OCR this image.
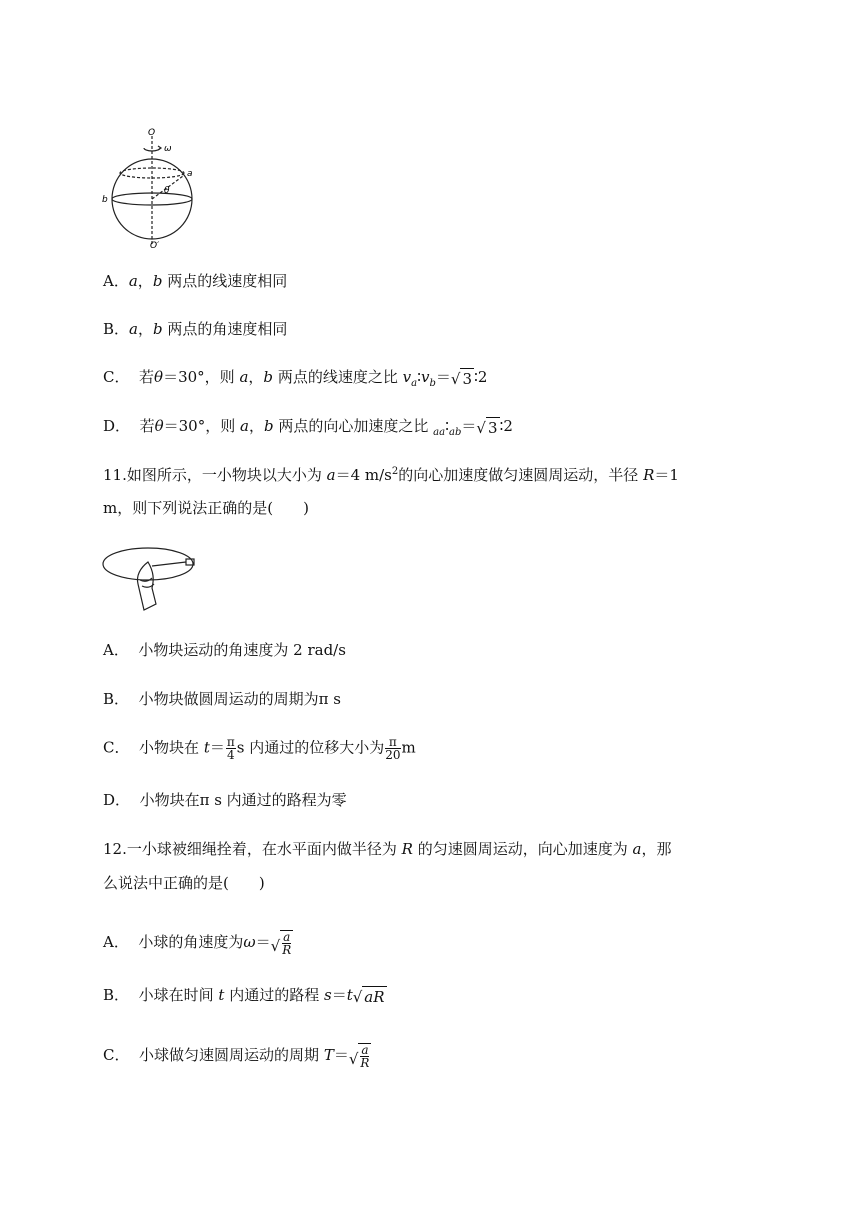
O
ω
a
b
θ
O′
A．a，b 两点的线速度相同
B．a，b 两点的角速度相同
C． 若θ＝30°，则 a，b 两点的线速度之比 $v_a∶v_b=√$ 3 ∶2
D． 若θ＝30°，则 a，b 两点的向心加速度之比 $_{aa}∶_{ab}=√$ 3 ∶2
11.如图所示，一小物块以大小为 a＝4 $m/s^2$的向心加速度做匀速圆周运动，半径 R＝1
m，则下列说法正确的是(　　)
A． 小物块运动的角速度为 2 rad/s
B． 小物块做圆周运动的周期为π s
C． 小物块在 $t= \frac{\pi}{4}$ s 内通过的位移大小为 $\frac{\pi}{20}$ m
D． 小物块在π s 内通过的路程为零
12.一小球被细绳拴着，在水平面内做半径为 R 的匀速圆周运动，向心加速度为 a，那
么说法中正确的是(　　)
A． 小球的角速度为ω＝√ a
R
B． 小球在时间 t 内通过的路程 s＝t√ aR
C． 小球做匀速圆周运动的周期 T＝√ a
R
